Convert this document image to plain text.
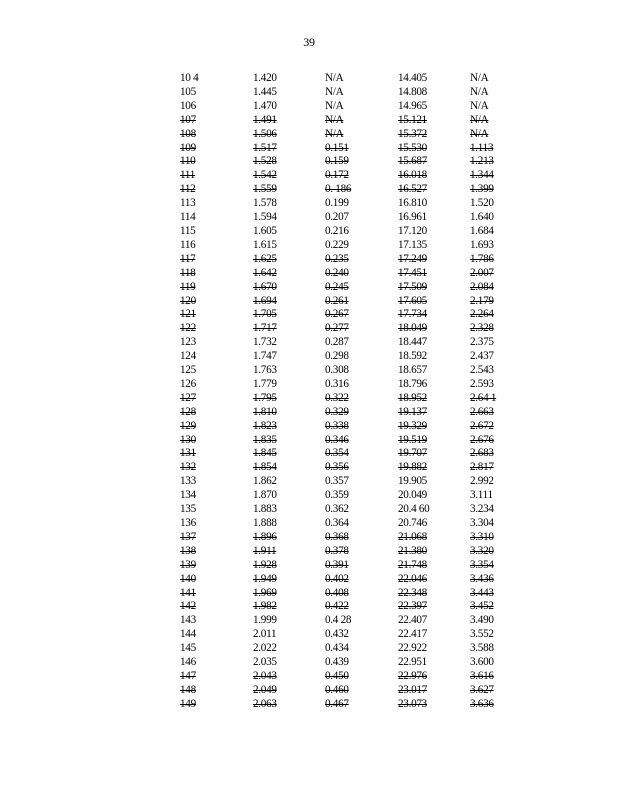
39
10 4	1.420	N/A	14.405	N/A
105	1.445	N/A	14.808	N/A
106	1.470	N/A	14.965	N/A
107	1.491	N/A	15.121	N/A
108	1.506	N/A	15.372	N/A
109	1.517	0.151	15.530	1.113
110	1.528	0.159	15.687	1.213
111	1.542	0.172	16.018	1.344
112	1.559	0. 186	16.527	1.399
113	1.578	0.199	16.810	1.520
114	1.594	0.207	16.961	1.640
115	1.605	0.216	17.120	1.684
116	1.615	0.229	17.135	1.693
117	1.625	0.235	17.249	1.786
118	1.642	0.240	17.451	2.007
119	1.670	0.245	17.509	2.084
120	1.694	0.261	17.605	2.179
121	1.705	0.267	17.734	2.264
122	1.717	0.277	18.049	2.328
123	1.732	0.287	18.447	2.375
124	1.747	0.298	18.592	2.437
125	1.763	0.308	18.657	2.543
126	1.779	0.316	18.796	2.593
127	1.795	0.322	18.952	2.64 1
128	1.810	0.329	19.137	2.663
129	1.823	0.338	19.329	2.672
130	1.835	0.346	19.519	2.676
131	1.845	0.354	19.707	2.683
132	1.854	0.356	19.882	2.817
133	1.862	0.357	19.905	2.992
134	1.870	0.359	20.049	3.111
135	1.883	0.362	20.4 60	3.234
136	1.888	0.364	20.746	3.304
137	1.896	0.368	21.068	3.310
138	1.911	0.378	21.380	3.320
139	1.928	0.391	21.748	3.354
140	1.949	0.402	22.046	3.436
141	1.969	0.408	22.348	3.443
142	1.982	0.422	22.397	3.452
143	1.999	0.4 28	22.407	3.490
144	2.011	0.432	22.417	3.552
145	2.022	0.434	22.922	3.588
146	2.035	0.439	22.951	3.600
147	2.043	0.450	22.976	3.616
148	2.049	0.460	23.017	3.627
149	2.063	0.467	23.073	3.636
